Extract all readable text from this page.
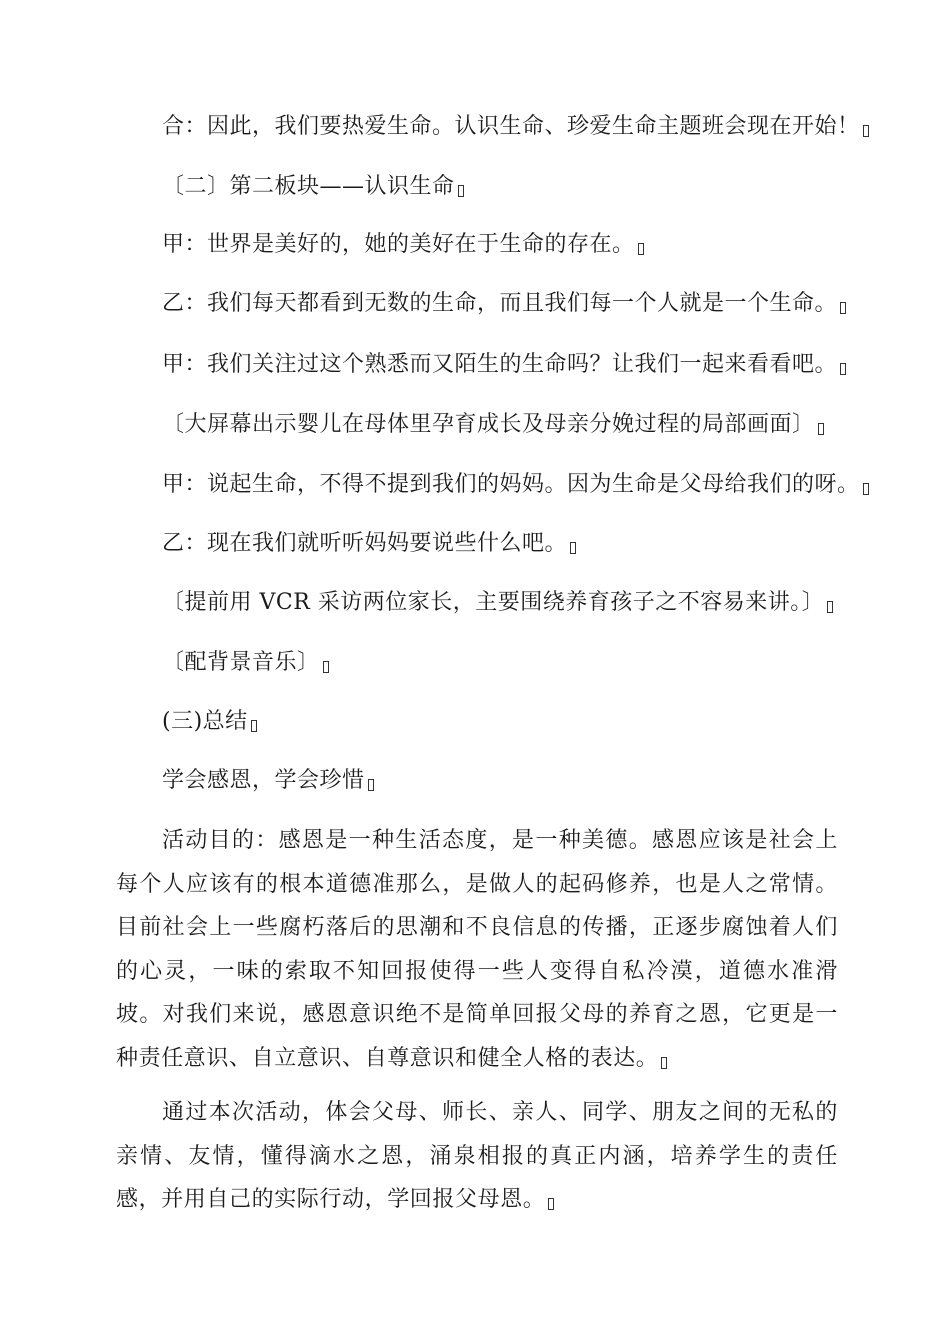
合：因此，我们要热爱生命。认识生命、珍爱生命主题班会现在开始！
〔二〕第二板块——认识生命
甲：世界是美好的，她的美好在于生命的存在。
乙：我们每天都看到无数的生命，而且我们每一个人就是一个生命。
甲：我们关注过这个熟悉而又陌生的生命吗？让我们一起来看看吧。
〔大屏幕出示婴儿在母体里孕育成长及母亲分娩过程的局部画面〕
甲：说起生命，不得不提到我们的妈妈。因为生命是父母给我们的呀。
乙：现在我们就听听妈妈要说些什么吧。
〔提前用 VCR 采访两位家长，主要围绕养育孩子之不容易来讲。〕
〔配背景音乐〕
(三)总结
学会感恩，学会珍惜
活动目的：感恩是一种生活态度，是一种美德。感恩应该是社会上每个人应该有的根本道德准那么，是做人的起码修养，也是人之常情。目前社会上一些腐朽落后的思潮和不良信息的传播，正逐步腐蚀着人们的心灵，一味的索取不知回报使得一些人变得自私冷漠，道德水准滑坡。对我们来说，感恩意识绝不是简单回报父母的养育之恩，它更是一种责任意识、自立意识、自尊意识和健全人格的表达。
通过本次活动，体会父母、师长、亲人、同学、朋友之间的无私的亲情、友情，懂得滴水之恩，涌泉相报的真正内涵，培养学生的责任感，并用自己的实际行动，学回报父母恩。
